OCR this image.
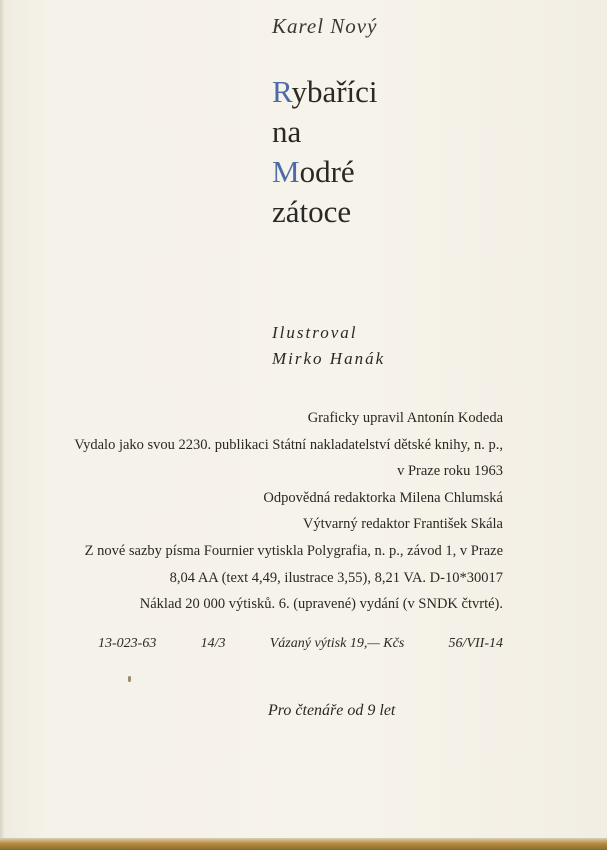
Karel Nový
Rybaříci
na
Modré
zátoce
Ilustroval
Mirko Hanák
Graficky upravil Antonín Kodeda
Vydalo jako svou 2230. publikaci Státní nakladatelství dětské knihy, n. p.,
v Praze roku 1963
Odpovědná redaktorka Milena Chlumská
Výtvarný redaktor František Skála
Z nové sazby písma Fournier vytiskla Polygrafia, n. p., závod 1, v Praze
8,04 AA (text 4,49, ilustrace 3,55), 8,21 VA. D-10*30017
Náklad 20 000 výtisků. 6. (upravené) vydání (v SNDK čtvrté).
13-023-63	14/3	Vázaný výtisk 19,— Kčs	56/VII-14
Pro čtenáře od 9 let
